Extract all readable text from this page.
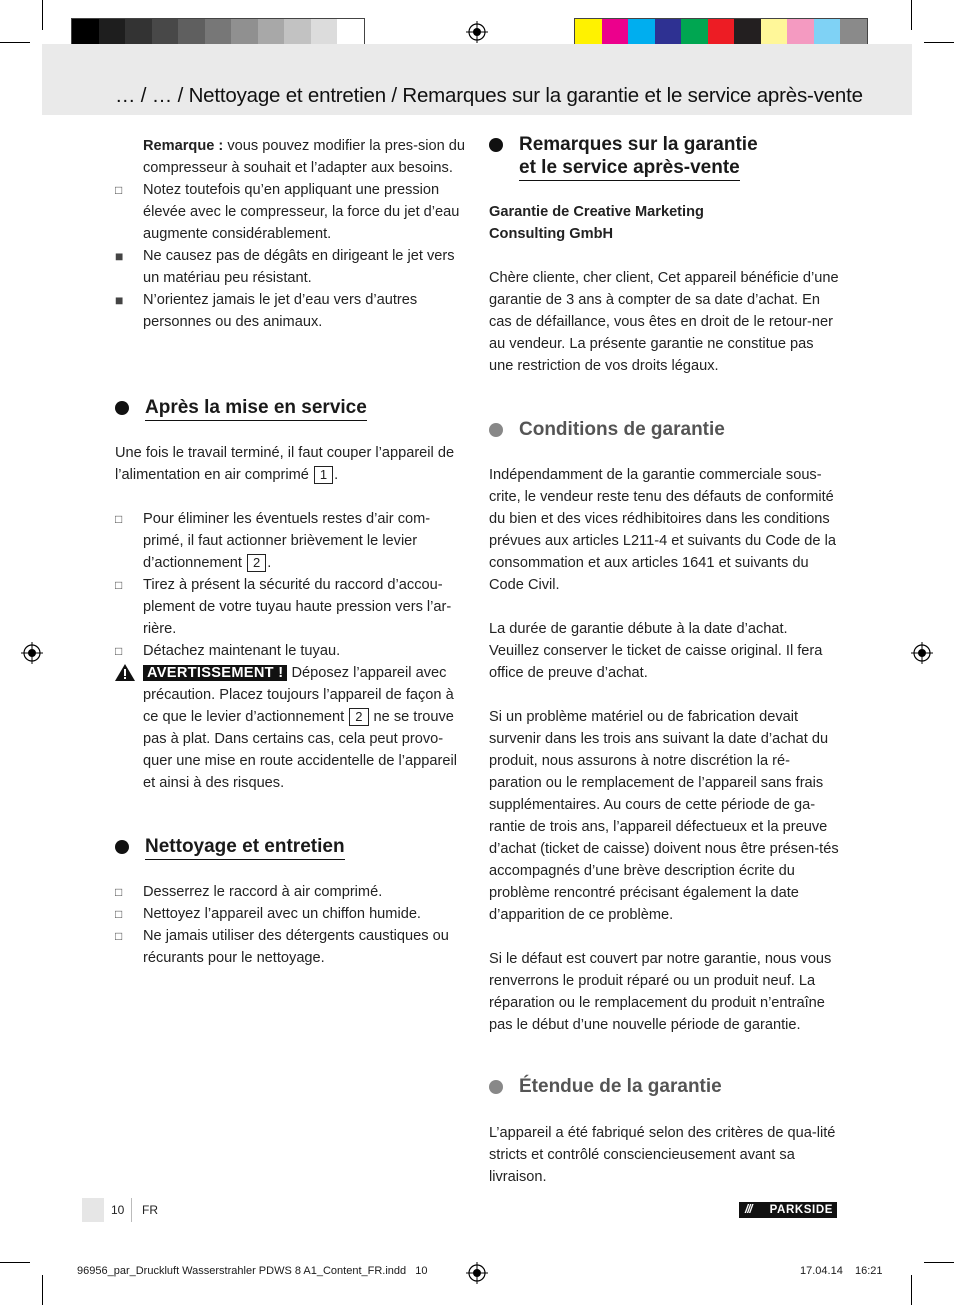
… / … / Nettoyage et entretien / Remarques sur la garantie et le service après-vente

Remarque : vous pouvez modifier la pres-sion du compresseur à souhait et l’adapter aux besoins.

□	Notez toutefois qu’en appliquant une pression élevée avec le compresseur, la force du jet d’eau augmente considérablement.
■	Ne causez pas de dégâts en dirigeant le jet vers un matériau peu résistant.
■	N’orientez jamais le jet d’eau vers d’autres personnes ou des animaux.
Après la mise en service

Une fois le travail terminé, il faut couper l’appareil de l’alimentation en air comprimé 1 .

□	Pour éliminer les éventuels restes d’air com-primé, il faut actionner brièvement le levier d’actionnement 2 .
□	Tirez à présent la sécurité du raccord d’accou-plement de votre tuyau haute pression vers l’ar-rière.
□	Détachez maintenant le tuyau.
AVERTISSEMENT ! Déposez l’appareil avec précaution. Placez toujours l’appareil de façon à ce que le levier d’actionnement 2 ne se trouve pas à plat. Dans certains cas, cela peut provo-quer une mise en route accidentelle de l’appareil et ainsi à des risques.
Nettoyage et entretien
□	Desserrez le raccord à air comprimé.
□	Nettoyez l’appareil avec un chiffon humide.
□	Ne jamais utiliser des détergents caustiques ou récurants pour le nettoyage.
Remarques sur la garantie
et le service après-vente

Garantie de Creative Marketing Consulting GmbH

Chère cliente, cher client, Cet appareil bénéficie d’une garantie de 3 ans à compter de sa date d’achat. En cas de défaillance, vous êtes en droit de le retour-ner au vendeur. La présente garantie ne constitue pas une restriction de vos droits légaux.

Conditions de garantie

Indépendamment de la garantie commerciale sous-crite, le vendeur reste tenu des défauts de conformité du bien et des vices rédhibitoires dans les conditions prévues aux articles L211-4 et suivants du Code de la consommation et aux articles 1641 et suivants du Code Civil.

La durée de garantie débute à la date d’achat. Veuillez conserver le ticket de caisse original. Il fera office de preuve d’achat.

Si un problème matériel ou de fabrication devait survenir dans les trois ans suivant la date d’achat du produit, nous assurons à notre discrétion la ré-paration ou le remplacement de l’appareil sans frais supplémentaires. Au cours de cette période de ga-rantie de trois ans, l’appareil défectueux et la preuve d’achat (ticket de caisse) doivent nous être présen-tés accompagnés d’une brève description écrite du problème rencontré précisant également la date d’apparition de ce problème.

Si le défaut est couvert par notre garantie, nous vous renverrons le produit réparé ou un produit neuf. La réparation ou le remplacement du produit n’entraîne pas le début d’une nouvelle période de garantie.

Étendue de la garantie

L’appareil a été fabriqué selon des critères de qua-lité stricts et contrôlé consciencieusement avant sa livraison.

10 FR	/// PARKSIDE
96956_par_Druckluft Wasserstrahler PDWS 8 A1_Content_FR.indd   10	17.04.14 16:21
